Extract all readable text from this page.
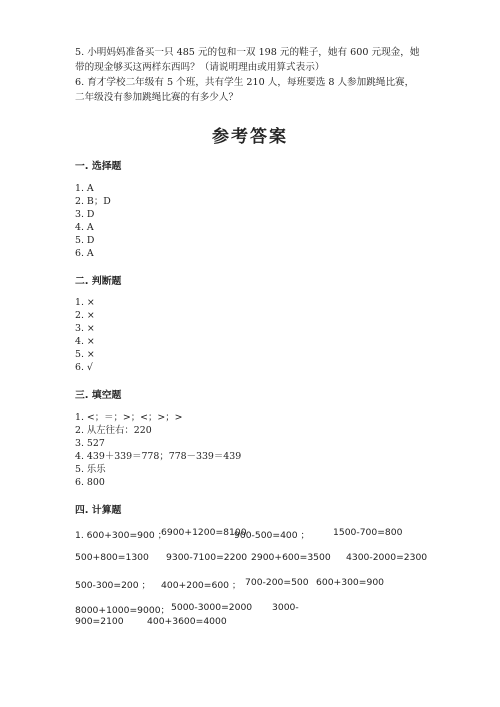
5. 小明妈妈准备买一只 485 元的包和一双 198 元的鞋子，她有 600 元现金，她
带的现金够买这两样东西吗？（请说明理由或用算式表示）
6. 育才学校二年级有 5 个班，共有学生 210 人，每班要选 8 人参加跳绳比赛，
二年级没有参加跳绳比赛的有多少人？
参考答案
一. 选择题
1. A
2. B；D
3. D
4. A
5. D
6. A
二. 判断题
1. ×
2. ×
3. ×
4. ×
5. ×
6. √
三. 填空题
1. <；＝；>；<；>；>
2. 从左往右：220
3. 527
4. 439＋339＝778；778－339＝439
5. 乐乐
6. 800
四. 计算题
1. 600+300=900 ；
6900+1200=8100
900-500=400 ；	1500-700=800
500+800=1300 9300-7100=2200 2900+600=3500 4300-2000=2300
500-300=200 ； 400+200=600 ； 700-200=500 600+300=900
8000+1000=9000； 5000-3000=2000 3000-
900=2100	400+3600=4000
